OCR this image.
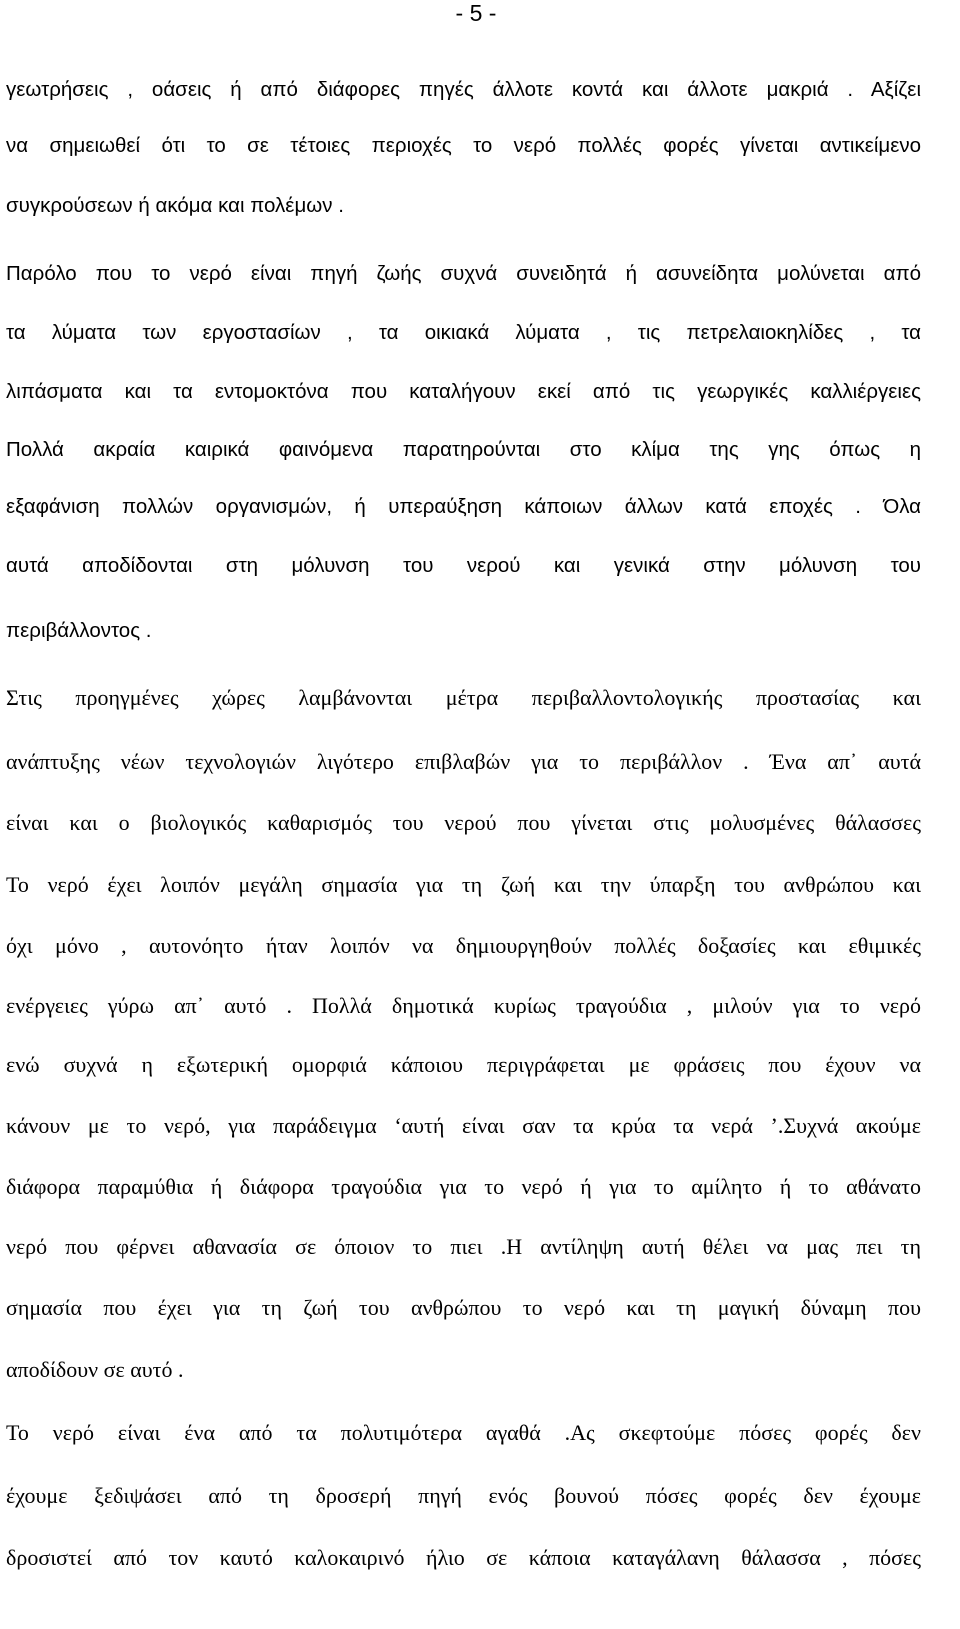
- 5 -
γεωτρήσεις , οάσεις ή από διάφορες πηγές άλλοτε κοντά και άλλοτε μακριά . Αξίζει
να σημειωθεί ότι το σε τέτοιες περιοχές το νερό πολλές φορές γίνεται αντικείμενο
συγκρούσεων ή ακόμα και πολέμων .
Παρόλο που το νερό είναι πηγή ζωής συχνά συνειδητά ή ασυνείδητα μολύνεται από
τα λύματα των εργοστασίων , τα οικιακά λύματα , τις πετρελαιοκηλίδες , τα
λιπάσματα και τα εντομοκτόνα που καταλήγουν εκεί από τις γεωργικές καλλιέργειες
Πολλά ακραία καιρικά φαινόμενα παρατηρούνται στο κλίμα της γης όπως η
εξαφάνιση πολλών οργανισμών, ή υπεραύξηση κάποιων άλλων κατά εποχές . Όλα
αυτά αποδίδονται στη μόλυνση του νερού και γενικά στην μόλυνση του
περιβάλλοντος .
Στις προηγμένες χώρες λαμβάνονται μέτρα περιβαλλοντολογικής προστασίας και
ανάπτυξης νέων τεχνολογιών λιγότερο επιβλαβών για το περιβάλλον . Ένα απ᾽ αυτά
είναι και ο βιολογικός καθαρισμός του νερού που γίνεται στις μολυσμένες θάλασσες
Το νερό έχει λοιπόν μεγάλη σημασία για τη ζωή και την ύπαρξη του ανθρώπου και
όχι μόνο , αυτονόητο ήταν λοιπόν να δημιουργηθούν πολλές δοξασίες και εθιμικές
ενέργειες γύρω απ᾽ αυτό . Πολλά δημοτικά κυρίως τραγούδια , μιλούν για το νερό
ενώ συχνά η εξωτερική ομορφιά κάποιου περιγράφεται με φράσεις που έχουν να
κάνουν με το νερό, για παράδειγμα ‘αυτή είναι σαν τα κρύα τα νερά ’.Συχνά ακούμε
διάφορα παραμύθια ή διάφορα τραγούδια για το νερό ή για το αμίλητο ή το αθάνατο
νερό που φέρνει αθανασία σε όποιον το πιει .Η αντίληψη αυτή θέλει να μας πει τη
σημασία που έχει για τη ζωή του ανθρώπου το νερό και τη μαγική δύναμη που
αποδίδουν σε αυτό .
Το νερό είναι ένα από τα πολυτιμότερα αγαθά .Ας σκεφτούμε πόσες φορές δεν
έχουμε ξεδιψάσει από τη δροσερή πηγή ενός βουνού πόσες φορές δεν έχουμε
δροσιστεί από τον καυτό καλοκαιρινό ήλιο σε κάποια καταγάλανη θάλασσα , πόσες
